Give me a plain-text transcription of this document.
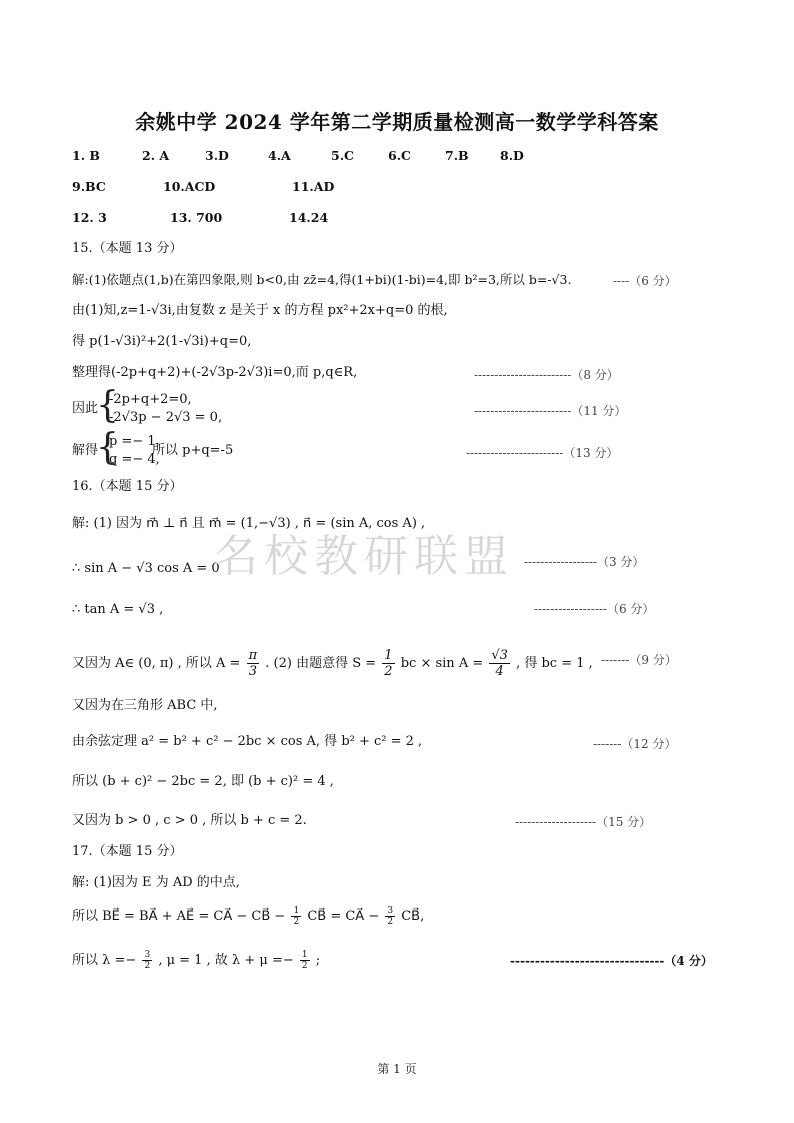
余姚中学 2024 学年第二学期质量检测高一数学学科答案
1. B	2. A	3.D	4.A	5.C	6.C	7.B	8.D
9.BC	10.ACD	11.AD
12. 3	13. 700	14.24
15.（本题 13 分）
解:(1)依题点(1,b)在第四象限,则 b<0,由 zz̄=4,得(1+bi)(1-bi)=4,即 b²=3,所以 b=-√3.	----（6 分）
由(1)知,z=1-√3i,由复数 z 是关于 x 的方程 px²+2x+q=0 的根,
得 p(1-√3i)²+2(1-√3i)+q=0,
整理得(-2p+q+2)+(-2√3p-2√3)i=0,而 p,q∈R,	------------------------（8 分）
因此
{
-2p+q+2=0,
-2√3p − 2√3 = 0,	------------------------（11 分）
解得
{
p =− 1,
q =− 4,
所以 p+q=-5	------------------------（13 分）
16.（本题 15 分）
解: (1) 因为 m⃗ ⊥ n⃗ 且 m⃗ = (1,−√3) , n⃗ = (sin A, cos A) ,
∴ sin A − √3 cos A = 0	------------------（3 分）
∴ tan A = √3 ,	------------------（6 分）
又因为 A∈ (0, π) , 所以 $A = \frac{\pi}{3}$ . (2) 由题意得 $S = \frac{1}{2}$ bc × $\sin A = \frac{√3}{4}$ , 得 bc = 1 , -------（9 分）
又因为在三角形 ABC 中,
由余弦定理 a² = b² + c² − 2bc × cos A, 得 b² + c² = 2 ,	-------（12 分）
所以 (b + c)² − 2bc = 2, 即 (b + c)² = 4 ,
又因为 b > 0 , c > 0 , 所以 b + c = 2.	--------------------（15 分）
17.（本题 15 分）
解: (1)因为 E 为 AD 的中点,
所以 BE⃗ = BA⃗ + AE⃗ = CA⃗ − CB⃗ − $\frac{1}{2}$ CB⃗ = CA⃗ − $\frac{3}{2}$ CB⃗,
所以 $\lambda =- \frac{3}{2}$ , μ = 1 , 故 $\lambda + \mu =- \frac{1}{2}$ ;	-------------------------------（4 分）
名校教研联盟
第 1 页
